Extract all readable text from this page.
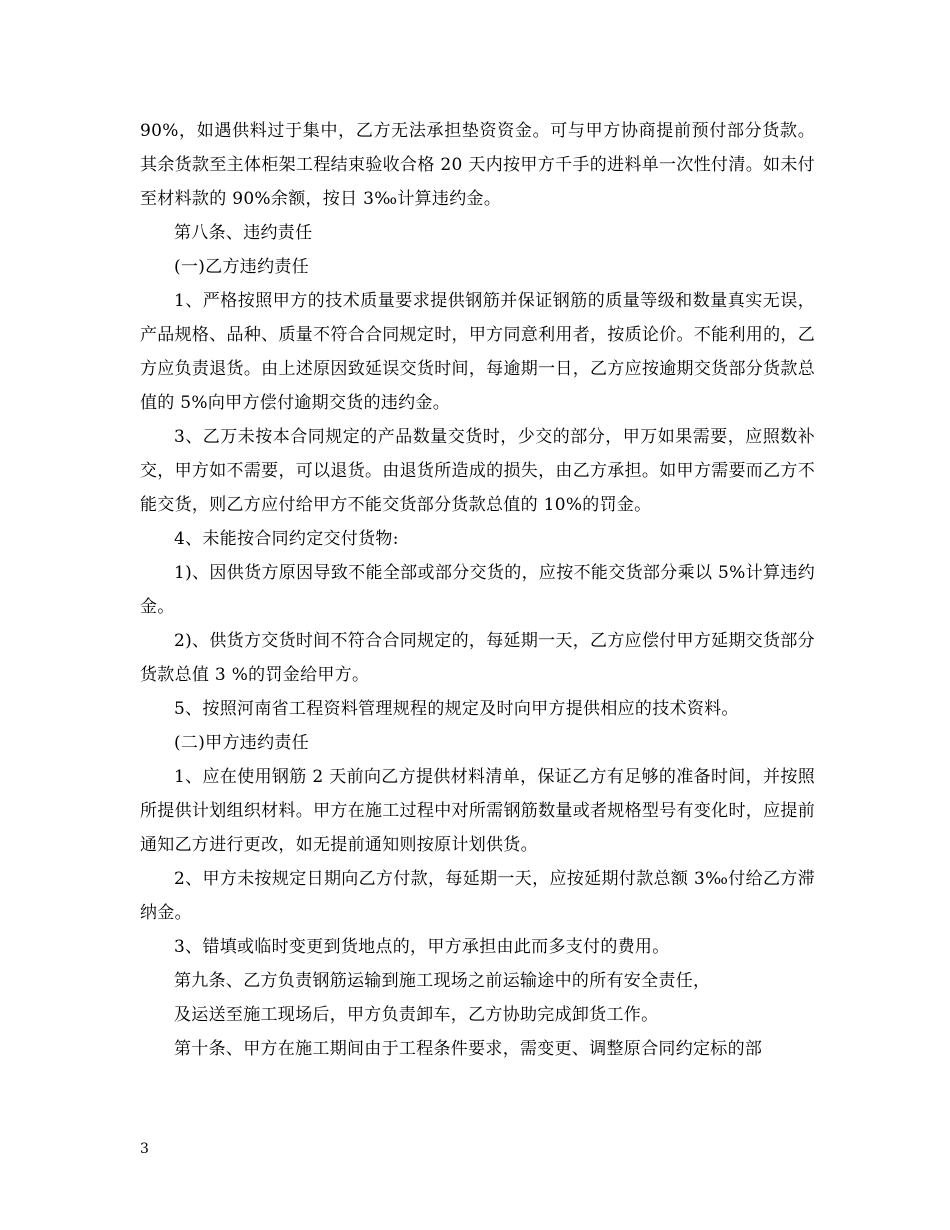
90%，如遇供料过于集中，乙方无法承担垫资资金。可与甲方协商提前预付部分货款。其余货款至主体柜架工程结束验收合格 20 天内按甲方千手的进料单一次性付清。如未付至材料款的 90%余额，按日 3‰计算违约金。

第八条、违约责任

(一)乙方违约责任

1、严格按照甲方的技术质量要求提供钢筋并保证钢筋的质量等级和数量真实无误，产品规格、品种、质量不符合合同规定时，甲方同意利用者，按质论价。不能利用的，乙方应负责退货。由上述原因致延误交货时间，每逾期一日，乙方应按逾期交货部分货款总值的 5%向甲方偿付逾期交货的违约金。

3、乙万未按本合同规定的产品数量交货时，少交的部分，甲万如果需要，应照数补交，甲方如不需要，可以退货。由退货所造成的损失，由乙方承担。如甲方需要而乙方不能交货，则乙方应付给甲方不能交货部分货款总值的 10%的罚金。

4、未能按合同约定交付货物:

1)、因供货方原因导致不能全部或部分交货的，应按不能交货部分乘以 5%计算违约金。

2)、供货方交货时间不符合合同规定的，每延期一天，乙方应偿付甲方延期交货部分货款总值 3 %的罚金给甲方。

5、按照河南省工程资料管理规程的规定及时向甲方提供相应的技术资料。

(二)甲方违约责任

1、应在使用钢筋 2 天前向乙方提供材料清单，保证乙方有足够的准备时间，并按照所提供计划组织材料。甲方在施工过程中对所需钢筋数量或者规格型号有变化时，应提前通知乙方进行更改，如无提前通知则按原计划供货。

2、甲方未按规定日期向乙方付款，每延期一天，应按延期付款总额 3‰付给乙方滞纳金。

3、错填或临时变更到货地点的，甲方承担由此而多支付的费用。

第九条、乙方负责钢筋运输到施工现场之前运输途中的所有安全责任，

及运送至施工现场后，甲方负责卸车，乙方协助完成卸货工作。

第十条、甲方在施工期间由于工程条件要求，需变更、调整原合同约定标的部

3
